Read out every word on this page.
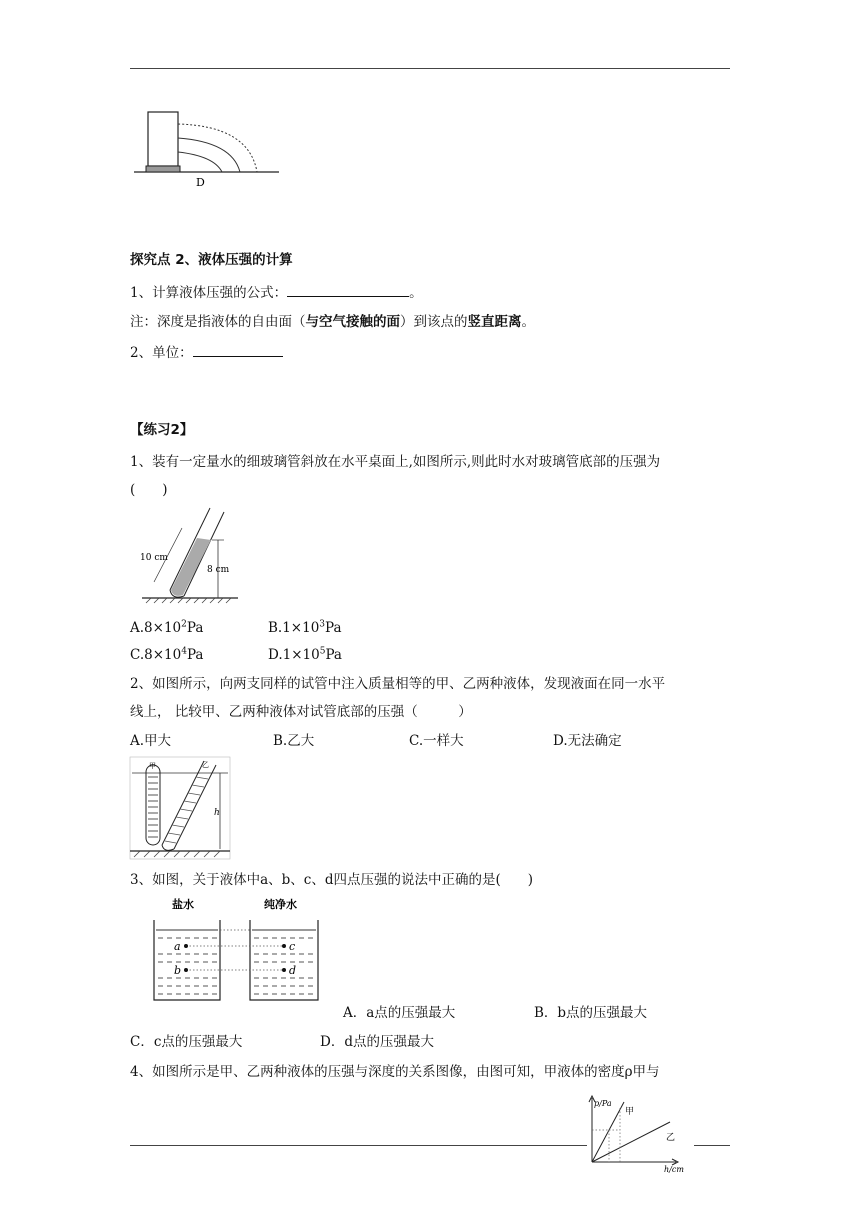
D
探究点 2、液体压强的计算
1、计算液体压强的公式：	。
注：深度是指液体的自由面（与空气接触的面）到该点的竖直距离。
2、单位：
【练习2】
1、装有一定量水的细玻璃管斜放在水平桌面上,如图所示,则此时水对玻璃管底部的压强为
(　　)
10 cm
8 cm
$A.8\times 10^2Pa$	$B.1\times 10^3Pa$
$C.8\times 10^4Pa$	$D.1\times 10^5Pa$
2、如图所示，向两支同样的试管中注入质量相等的甲、乙两种液体，发现液面在同一水平
线上， 比较甲、乙两种液体对试管底部的压强（　　　）
A.甲大	B.乙大	C.一样大	D.无法确定
甲	乙
h
3、如图，关于液体中a、b、c、d四点压强的说法中正确的是(　　)
盐水	纯净水
a
b
c
d
A．a点的压强最大	B．b点的压强最大
C．c点的压强最大	D．d点的压强最大
4、如图所示是甲、乙两种液体的压强与深度的关系图像，由图可知，甲液体的密度ρ甲与
p/Pa
h/cm
甲
乙
